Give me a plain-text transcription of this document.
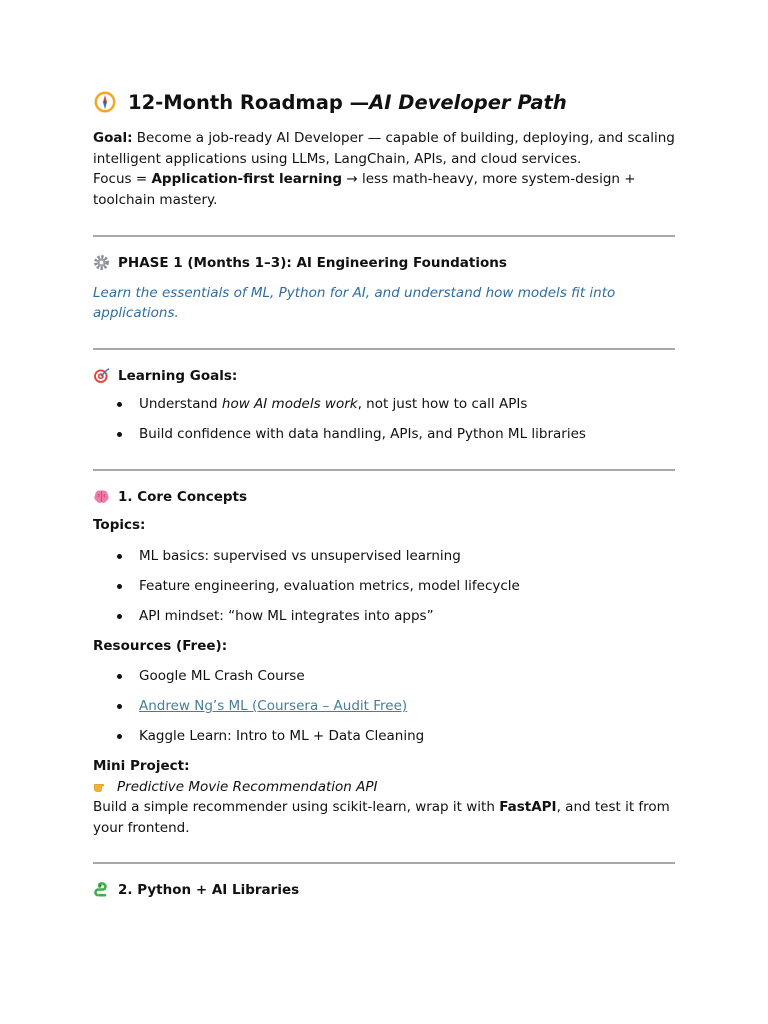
12-Month Roadmap — AI Developer Path

Goal: Become a job-ready AI Developer — capable of building, deploying, and scaling intelligent applications using LLMs, LangChain, APIs, and cloud services.

Focus = Application-first learning → less math-heavy, more system-design + toolchain mastery.

PHASE 1 (Months 1–3): AI Engineering Foundations

Learn the essentials of ML, Python for AI, and understand how models fit into applications.

Learning Goals:
Understand how AI models work, not just how to call APIs
Build confidence with data handling, APIs, and Python ML libraries
1. Core Concepts

Topics:

ML basics: supervised vs unsupervised learning
Feature engineering, evaluation metrics, model lifecycle
API mindset: “how ML integrates into apps”

Resources (Free):

Google ML Crash Course
Andrew Ng’s ML (Coursera – Audit Free)
Kaggle Learn: Intro to ML + Data Cleaning

Mini Project:

Predictive Movie Recommendation API

Build a simple recommender using scikit-learn, wrap it with FastAPI, and test it from your frontend.

2. Python + AI Libraries
